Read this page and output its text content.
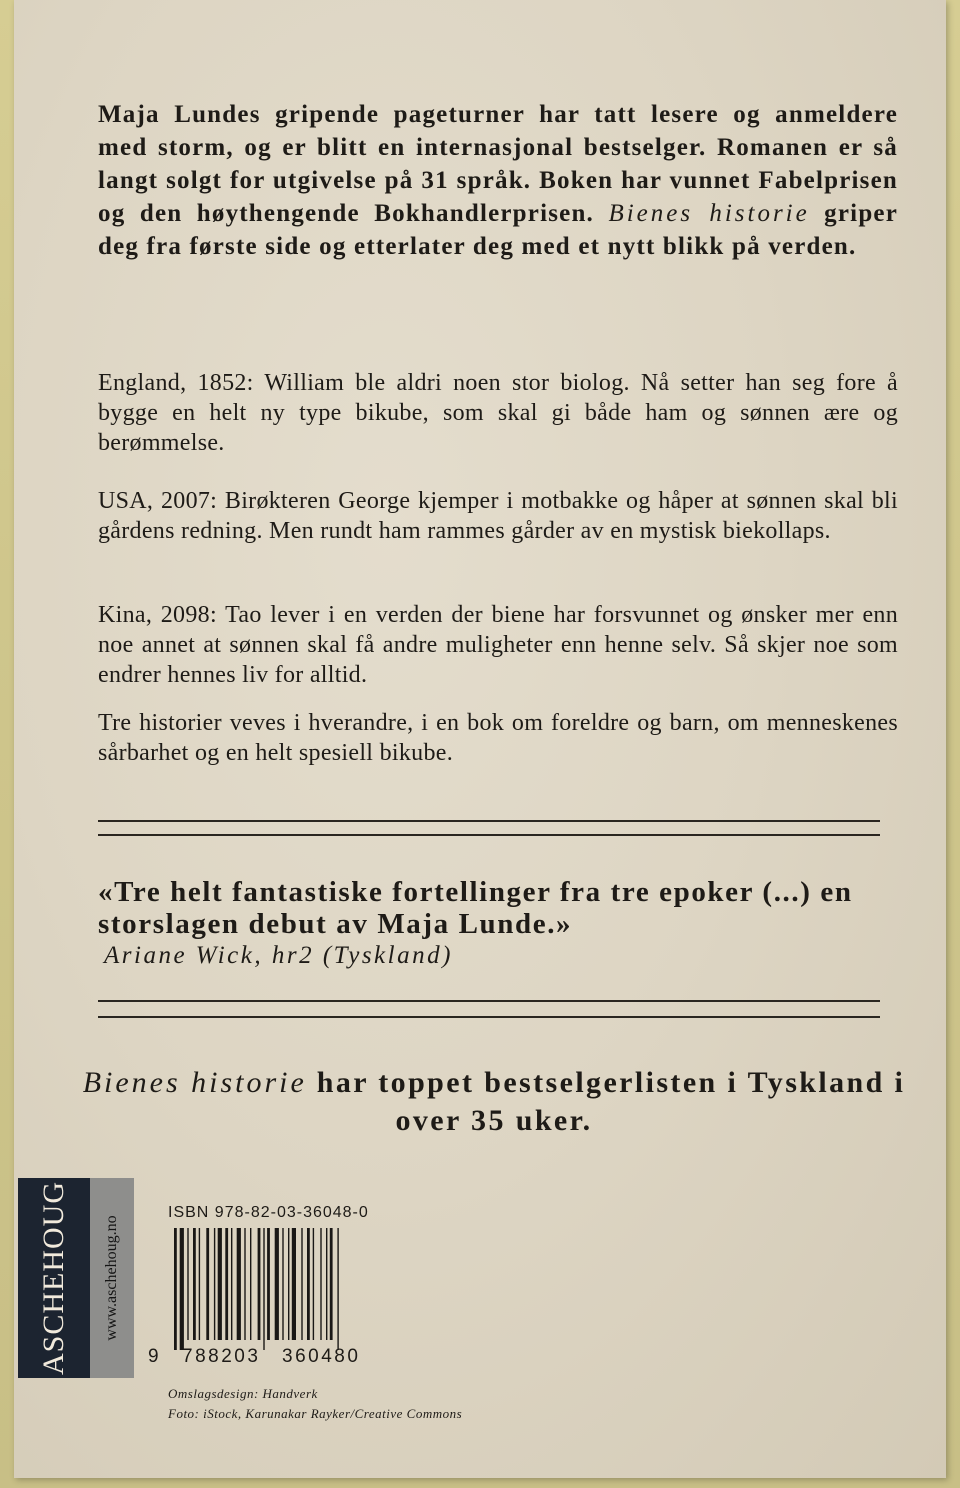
Maja Lundes gripende pageturner har tatt lesere og anmeldere med storm, og er blitt en internasjonal bestselger. Romanen er så langt solgt for utgivelse på 31 språk. Boken har vunnet Fabelprisen og den høythengende Bokhandlerprisen. Bienes historie griper deg fra første side og etterlater deg med et nytt blikk på verden.
England, 1852: William ble aldri noen stor biolog. Nå setter han seg fore å bygge en helt ny type bikube, som skal gi både ham og sønnen ære og berømmelse.
USA, 2007: Birøkteren George kjemper i motbakke og håper at sønnen skal bli gårdens redning. Men rundt ham rammes gårder av en mystisk biekollaps.
Kina, 2098: Tao lever i en verden der biene har forsvunnet og ønsker mer enn noe annet at sønnen skal få andre muligheter enn henne selv. Så skjer noe som endrer hennes liv for alltid.
Tre historier veves i hverandre, i en bok om foreldre og barn, om menneskenes sårbarhet og en helt spesiell bikube.
«Tre helt fantastiske fortellinger fra tre epoker (...) en storslagen debut av Maja Lunde.»
Ariane Wick, hr2 (Tyskland)
Bienes historie har toppet bestselgerlisten i Tyskland i over 35 uker.
ASCHEHOUG www.aschehoug.no
ISBN 978-82-03-36048-0
9 788203 360480
Omslagsdesign: Handverk
Foto: iStock, Karunakar Rayker/Creative Commons
